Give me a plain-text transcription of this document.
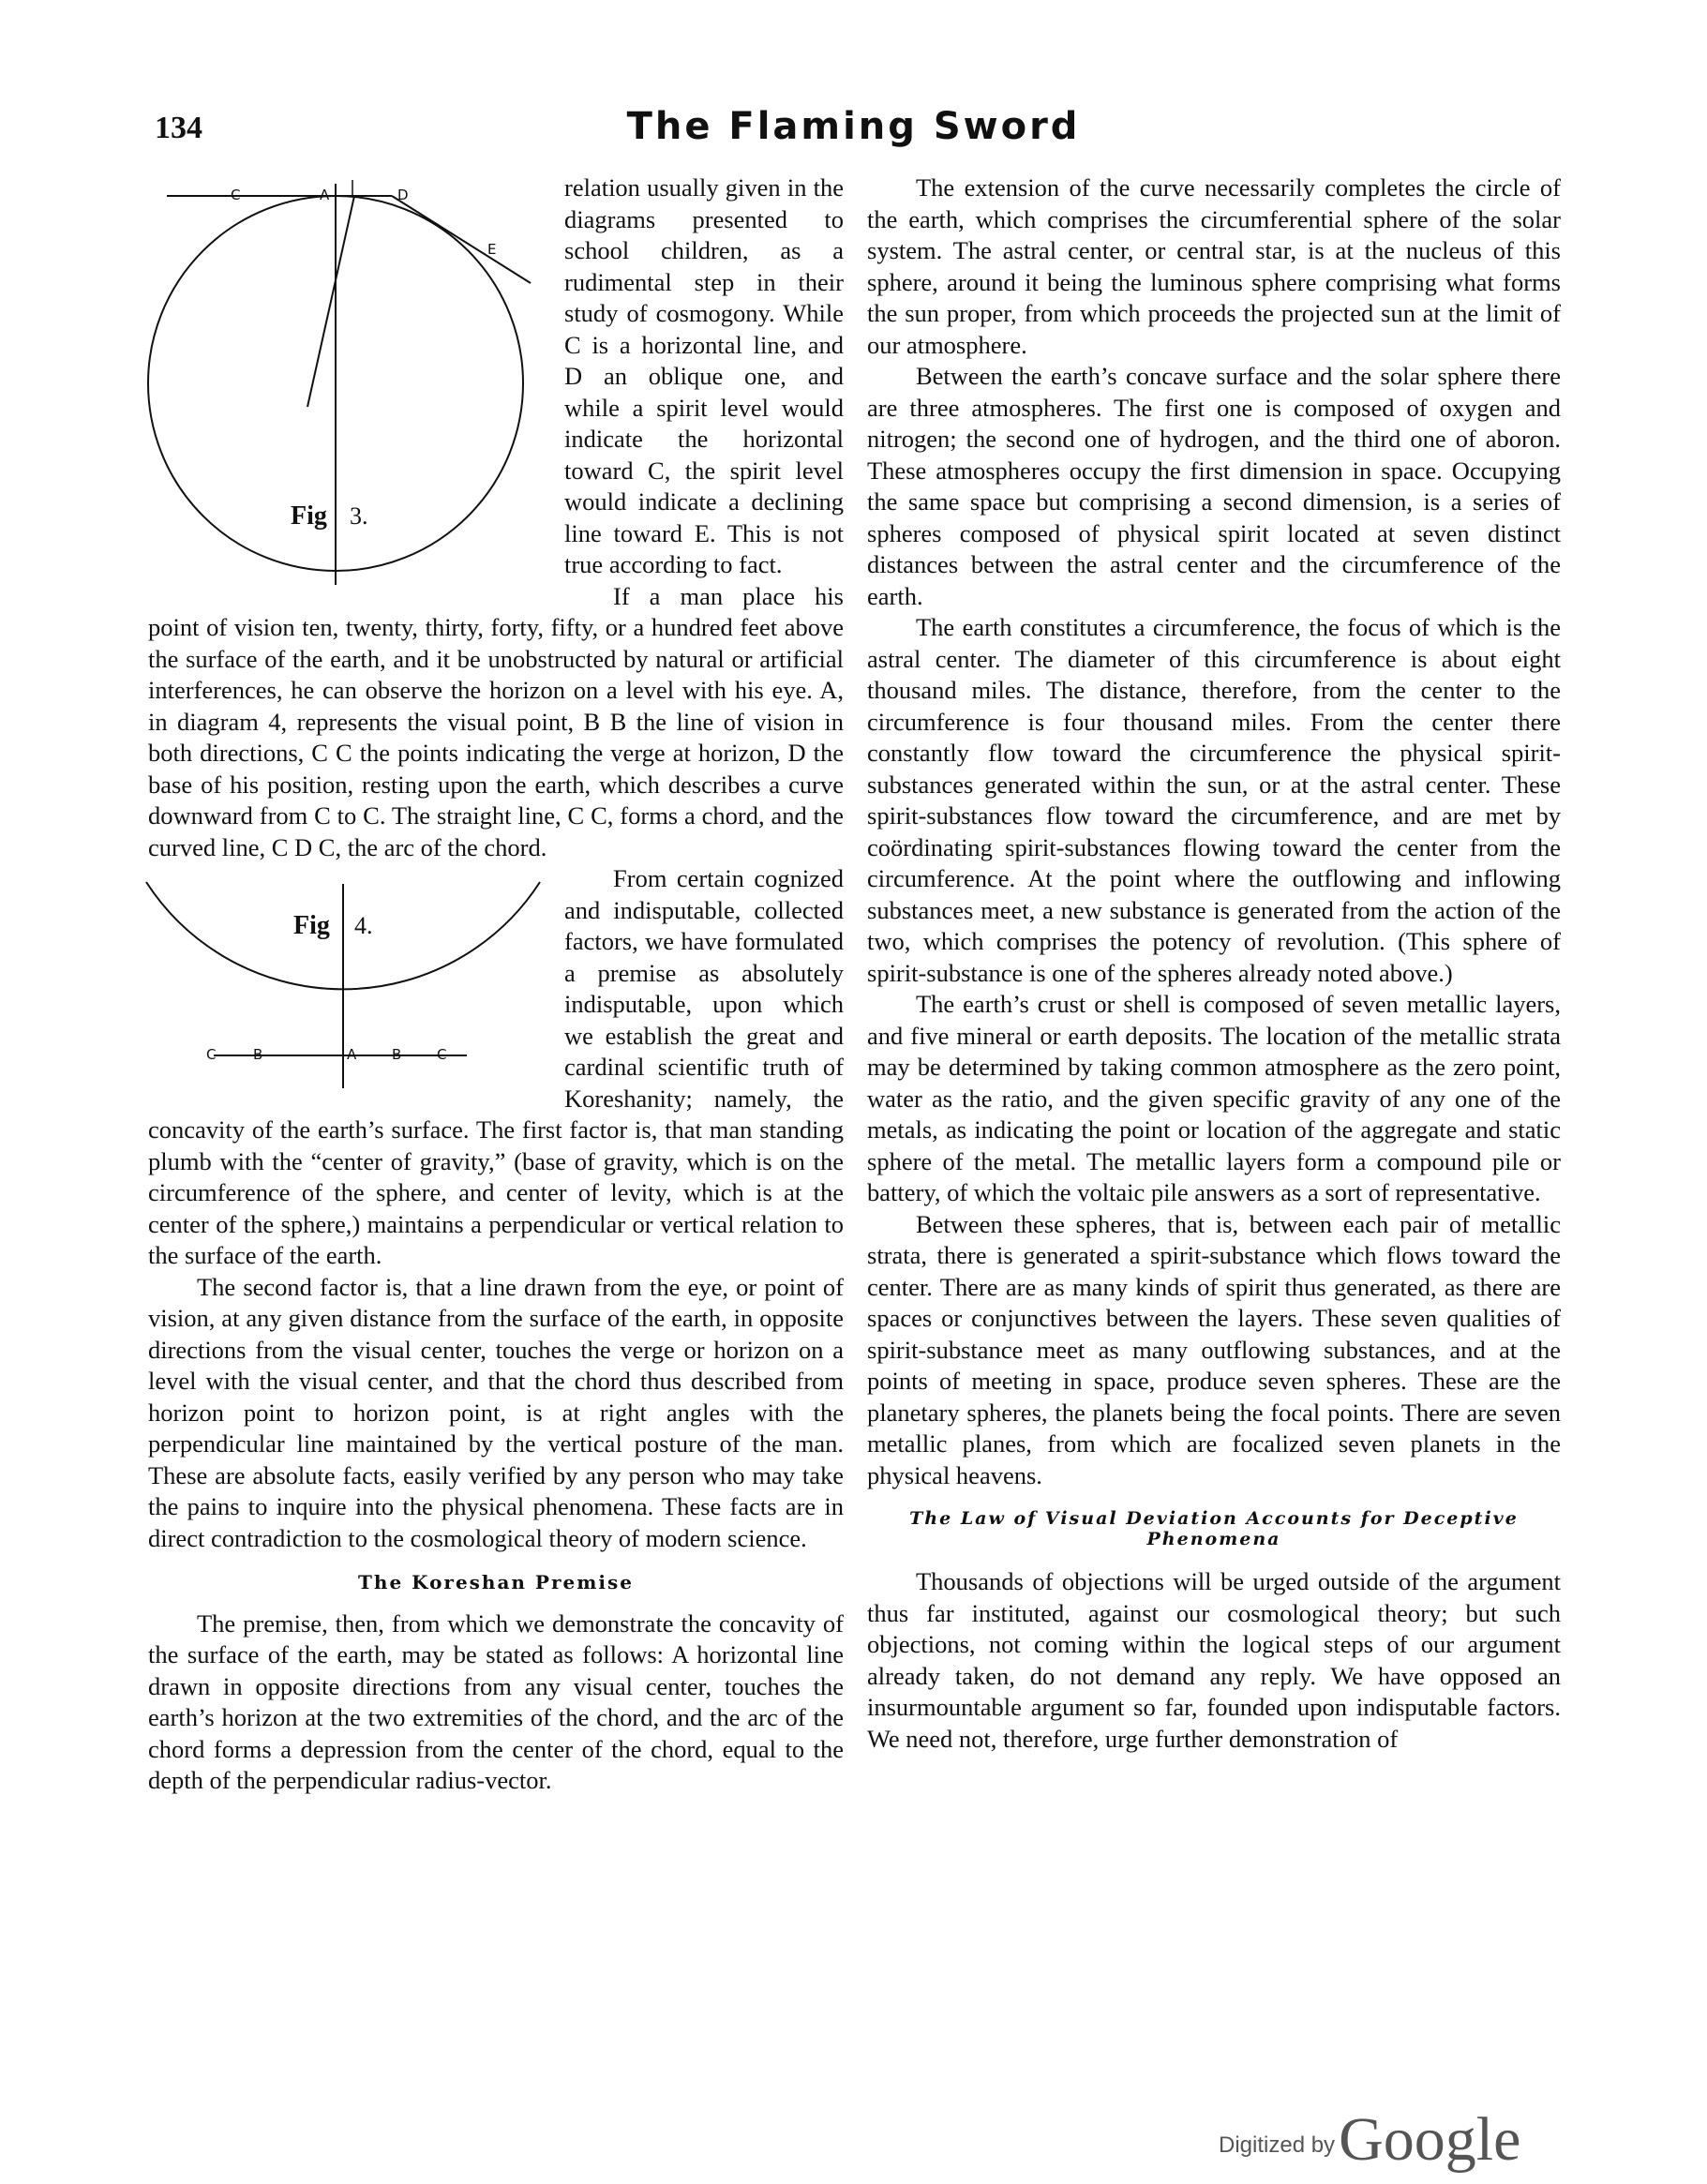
134	The Flaming Sword
C	A	D
E
Fig 3.

relation usually given in the diagrams presented to school children, as a rudimental step in their study of cosmogony. While C is a horizontal line, and D an oblique one, and while a spirit level would indicate the horizontal toward C, the spirit level would indicate a declining line toward E. This is not true according to fact.

If a man place his point of vision ten, twenty, thirty, forty, fifty, or a hundred feet above the surface of the earth, and it be unobstructed by natural or artificial interferences, he can observe the horizon on a level with his eye. A, in diagram 4, represents the visual point, B B the line of vision in both directions, C C the points indicating the verge at horizon, D the base of his position, resting upon the earth, which describes a curve downward from C to C. The straight line, C C, forms a chord, and the curved line, C D C, the arc of the chord.

Fig 4.
C	B	A	B	C

From certain cognized and indisputable, collected factors, we have formulated a premise as absolutely indisputable, upon which we establish the great and cardinal scientific truth of Koreshanity; namely, the concavity of the earth’s surface. The first factor is, that man standing plumb with the “center of gravity,” (base of gravity, which is on the circumference of the sphere, and center of levity, which is at the center of the sphere,) maintains a perpendicular or vertical relation to the surface of the earth.

The second factor is, that a line drawn from the eye, or point of vision, at any given distance from the surface of the earth, in opposite directions from the visual center, touches the verge or horizon on a level with the visual center, and that the chord thus described from horizon point to horizon point, is at right angles with the perpendicular line maintained by the vertical posture of the man. These are absolute facts, easily verified by any person who may take the pains to inquire into the physical phenomena. These facts are in direct contradiction to the cosmological theory of modern science.

The Koreshan Premise

The premise, then, from which we demonstrate the concavity of the surface of the earth, may be stated as follows: A horizontal line drawn in opposite directions from any visual center, touches the earth’s horizon at the two extremities of the chord, and the arc of the chord forms a depression from the center of the chord, equal to the depth of the perpendicular radius-vector.

The extension of the curve necessarily completes the circle of the earth, which comprises the circumferential sphere of the solar system. The astral center, or central star, is at the nucleus of this sphere, around it being the luminous sphere comprising what forms the sun proper, from which proceeds the projected sun at the limit of our atmosphere.

Between the earth’s concave surface and the solar sphere there are three atmospheres. The first one is composed of oxygen and nitrogen; the second one of hydrogen, and the third one of aboron. These atmospheres occupy the first dimension in space. Occupying the same space but comprising a second dimension, is a series of spheres composed of physical spirit located at seven distinct distances between the astral center and the circumference of the earth.

The earth constitutes a circumference, the focus of which is the astral center. The diameter of this circumference is about eight thousand miles. The distance, therefore, from the center to the circumference is four thousand miles. From the center there constantly flow toward the circumference the physical spirit-substances generated within the sun, or at the astral center. These spirit-substances flow toward the circumference, and are met by coördinating spirit-substances flowing toward the center from the circumference. At the point where the outflowing and inflowing substances meet, a new substance is generated from the action of the two, which comprises the potency of revolution. (This sphere of spirit-substance is one of the spheres already noted above.)

The earth’s crust or shell is composed of seven metallic layers, and five mineral or earth deposits. The location of the metallic strata may be determined by taking common atmosphere as the zero point, water as the ratio, and the given specific gravity of any one of the metals, as indicating the point or location of the aggregate and static sphere of the metal. The metallic layers form a compound pile or battery, of which the voltaic pile answers as a sort of representative.

Between these spheres, that is, between each pair of metallic strata, there is generated a spirit-substance which flows toward the center. There are as many kinds of spirit thus generated, as there are spaces or conjunctives between the layers. These seven qualities of spirit-substance meet as many outflowing substances, and at the points of meeting in space, produce seven spheres. These are the planetary spheres, the planets being the focal points. There are seven metallic planes, from which are focalized seven planets in the physical heavens.

The Law of Visual Deviation Accounts for Deceptive Phenomena

Thousands of objections will be urged outside of the argument thus far instituted, against our cosmological theory; but such objections, not coming within the logical steps of our argument already taken, do not demand any reply. We have opposed an insurmountable argument so far, founded upon indisputable factors. We need not, therefore, urge further demonstration of

Digitized by Google
